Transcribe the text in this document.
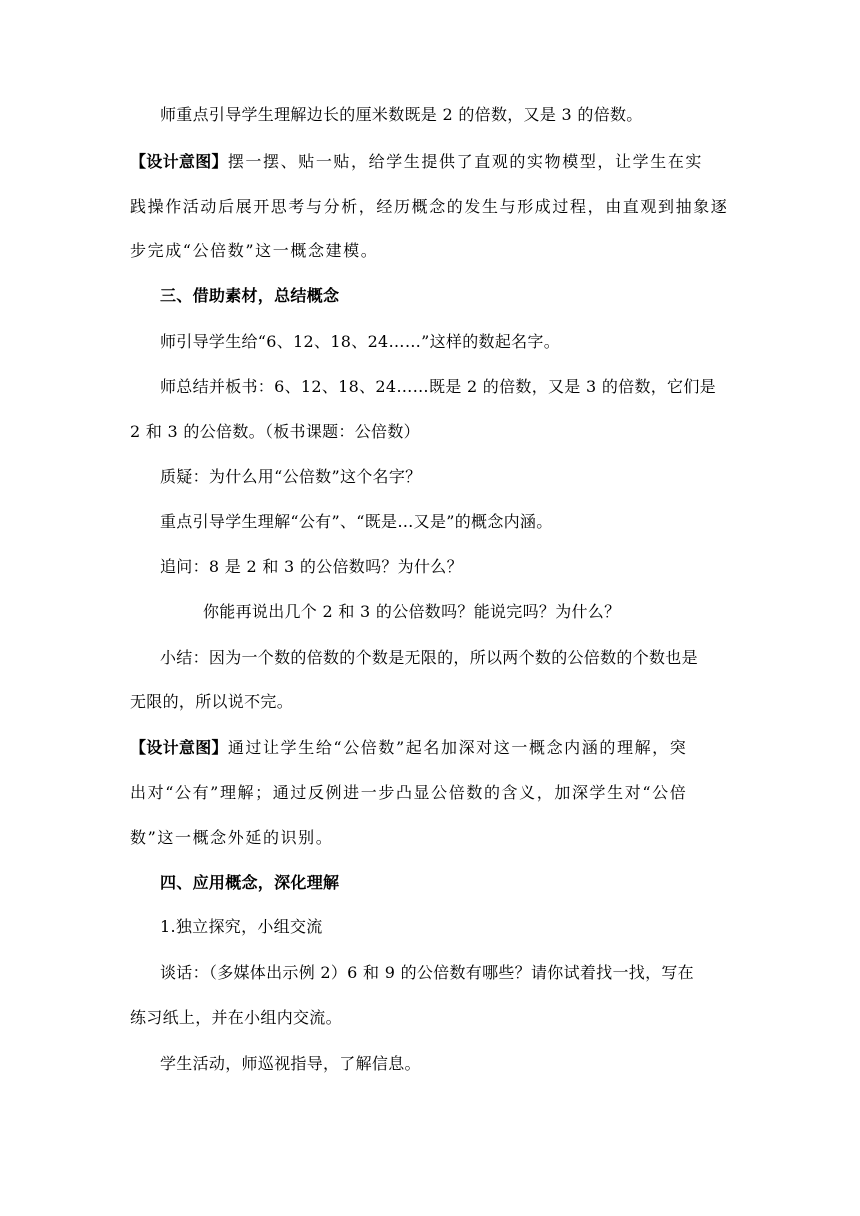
师重点引导学生理解边长的厘米数既是 2 的倍数，又是 3 的倍数。
【设计意图】摆一摆、贴一贴，给学生提供了直观的实物模型，让学生在实
践操作活动后展开思考与分析，经历概念的发生与形成过程，由直观到抽象逐
步完成“公倍数”这一概念建模。
三、借助素材，总结概念
师引导学生给“6、12、18、24……”这样的数起名字。
师总结并板书：6、12、18、24……既是 2 的倍数，又是 3 的倍数，它们是
2 和 3 的公倍数。（板书课题：公倍数）
质疑：为什么用“公倍数”这个名字？
重点引导学生理解“公有”、“既是…又是”的概念内涵。
追问：8 是 2 和 3 的公倍数吗？为什么？
你能再说出几个 2 和 3 的公倍数吗？能说完吗？为什么？
小结：因为一个数的倍数的个数是无限的，所以两个数的公倍数的个数也是
无限的，所以说不完。
【设计意图】通过让学生给“公倍数”起名加深对这一概念内涵的理解，突
出对“公有”理解；通过反例进一步凸显公倍数的含义，加深学生对“公倍
数”这一概念外延的识别。
四、应用概念，深化理解
1.独立探究，小组交流
谈话：（多媒体出示例 2）6 和 9 的公倍数有哪些？请你试着找一找，写在
练习纸上，并在小组内交流。
学生活动，师巡视指导，了解信息。
